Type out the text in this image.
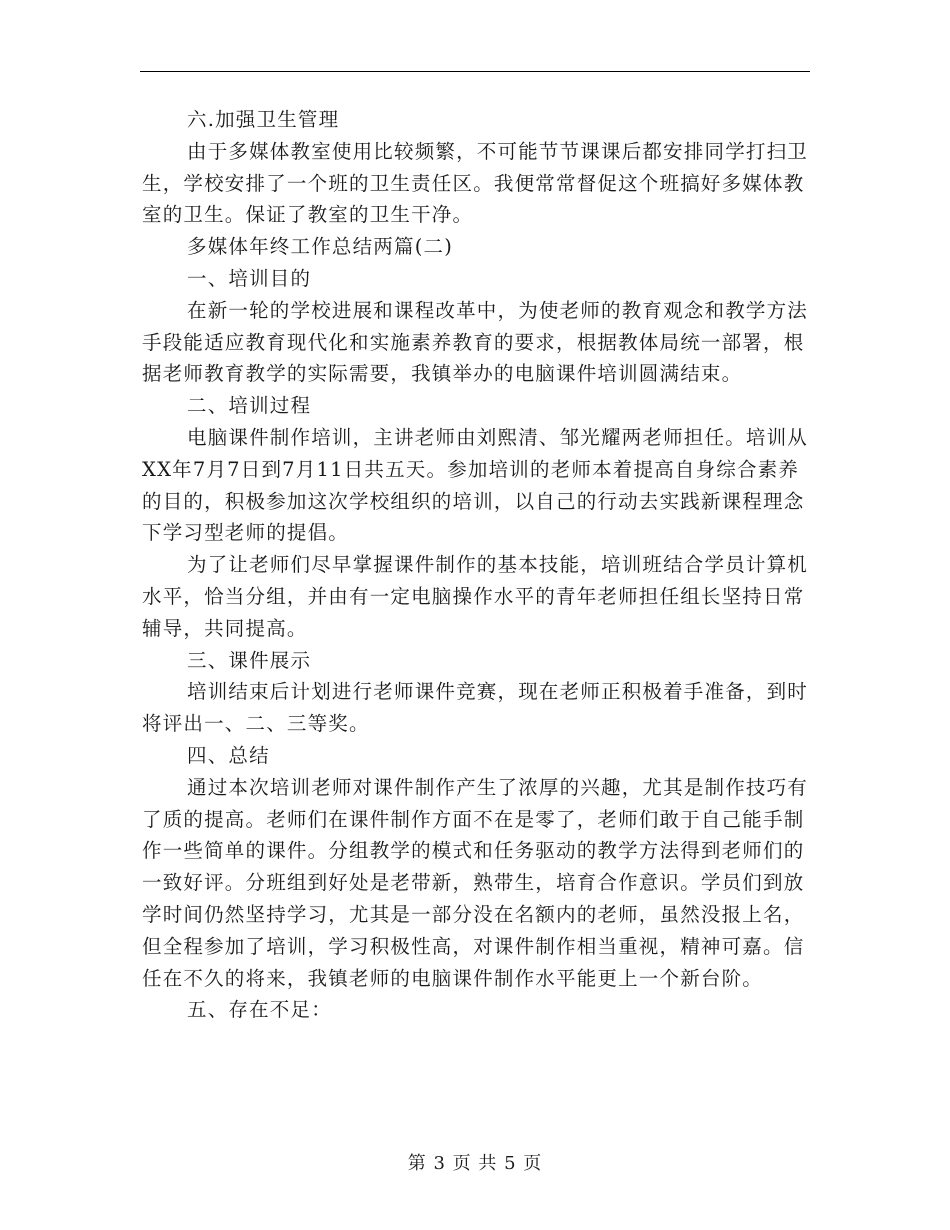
六.加强卫生管理

由于多媒体教室使用比较频繁，不可能节节课课后都安排同学打扫卫生，学校安排了一个班的卫生责任区。我便常常督促这个班搞好多媒体教室的卫生。保证了教室的卫生干净。

多媒体年终工作总结两篇(二)

一、培训目的

在新一轮的学校进展和课程改革中，为使老师的教育观念和教学方法手段能适应教育现代化和实施素养教育的要求，根据教体局统一部署，根据老师教育教学的实际需要，我镇举办的电脑课件培训圆满结束。

二、培训过程

电脑课件制作培训，主讲老师由刘熙清、邹光耀两老师担任。培训从XX年7月7日到7月11日共五天。参加培训的老师本着提高自身综合素养的目的，积极参加这次学校组织的培训，以自己的行动去实践新课程理念下学习型老师的提倡。

为了让老师们尽早掌握课件制作的基本技能，培训班结合学员计算机水平，恰当分组，并由有一定电脑操作水平的青年老师担任组长坚持日常辅导，共同提高。

三、课件展示

培训结束后计划进行老师课件竞赛，现在老师正积极着手准备，到时将评出一、二、三等奖。

四、总结

通过本次培训老师对课件制作产生了浓厚的兴趣，尤其是制作技巧有了质的提高。老师们在课件制作方面不在是零了，老师们敢于自己能手制作一些简单的课件。分组教学的模式和任务驱动的教学方法得到老师们的一致好评。分班组到好处是老带新，熟带生，培育合作意识。学员们到放学时间仍然坚持学习，尤其是一部分没在名额内的老师，虽然没报上名，但全程参加了培训，学习积极性高，对课件制作相当重视，精神可嘉。信任在不久的将来，我镇老师的电脑课件制作水平能更上一个新台阶。

五、存在不足：

第 3 页 共 5 页
